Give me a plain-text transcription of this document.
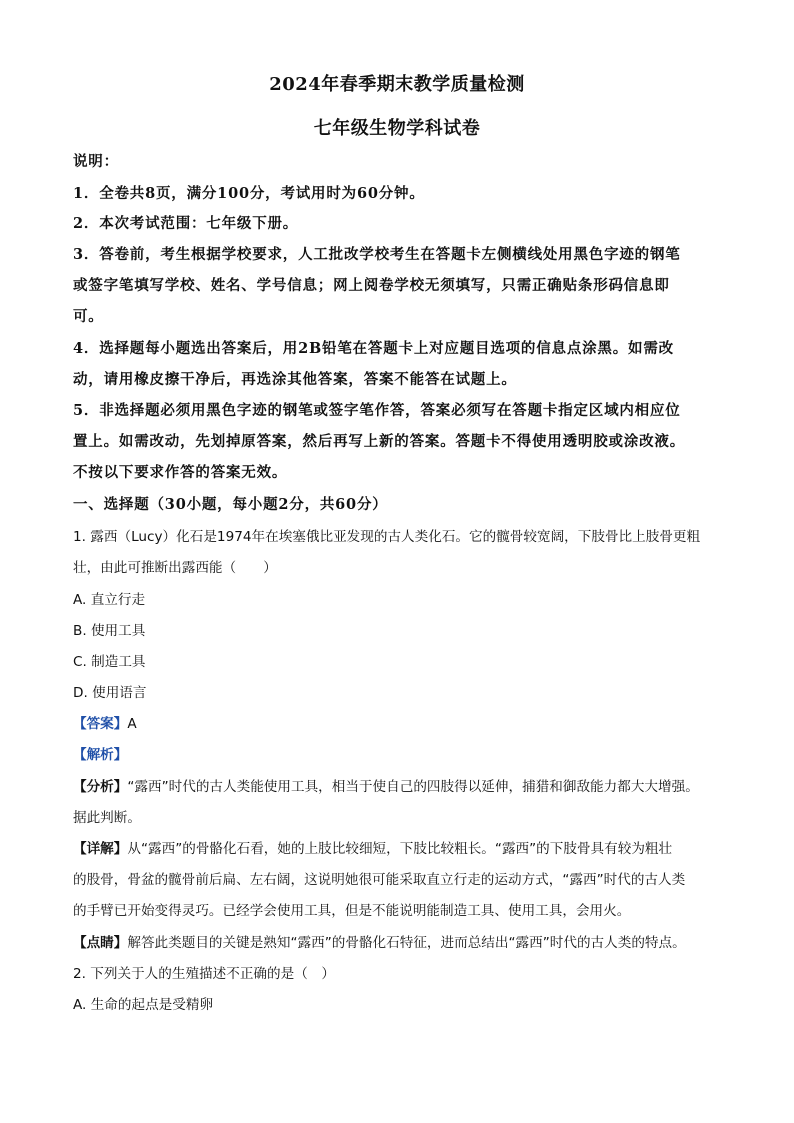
2024年春季期末教学质量检测
七年级生物学科试卷
说明：
1．全卷共8页，满分100分，考试用时为60分钟。
2．本次考试范围：七年级下册。
3．答卷前，考生根据学校要求，人工批改学校考生在答题卡左侧横线处用黑色字迹的钢笔
或签字笔填写学校、姓名、学号信息；网上阅卷学校无须填写，只需正确贴条形码信息即
可。
4．选择题每小题选出答案后，用2B铅笔在答题卡上对应题目选项的信息点涂黑。如需改
动，请用橡皮擦干净后，再选涂其他答案，答案不能答在试题上。
5．非选择题必须用黑色字迹的钢笔或签字笔作答，答案必须写在答题卡指定区域内相应位
置上。如需改动，先划掉原答案，然后再写上新的答案。答题卡不得使用透明胶或涂改液。
不按以下要求作答的答案无效。
一、选择题（30小题，每小题2分，共60分）
1. 露西（Lucy）化石是1974年在埃塞俄比亚发现的古人类化石。它的髋骨较宽阔，下肢骨比上肢骨更粗
壮，由此可推断出露西能（　　）
A. 直立行走
B. 使用工具
C. 制造工具
D. 使用语言
【答案】A
【解析】
【分析】“露西”时代的古人类能使用工具，相当于使自己的四肢得以延伸，捕猎和御敌能力都大大增强。
据此判断。
【详解】从“露西”的骨骼化石看，她的上肢比较细短，下肢比较粗长。“露西”的下肢骨具有较为粗壮
的股骨，骨盆的髋骨前后扁、左右阔，这说明她很可能采取直立行走的运动方式，“露西”时代的古人类
的手臂已开始变得灵巧。已经学会使用工具，但是不能说明能制造工具、使用工具，会用火。
【点睛】解答此类题目的关键是熟知“露西”的骨骼化石特征，进而总结出“露西”时代的古人类的特点。
2. 下列关于人的生殖描述不正确的是（　）
A. 生命的起点是受精卵
